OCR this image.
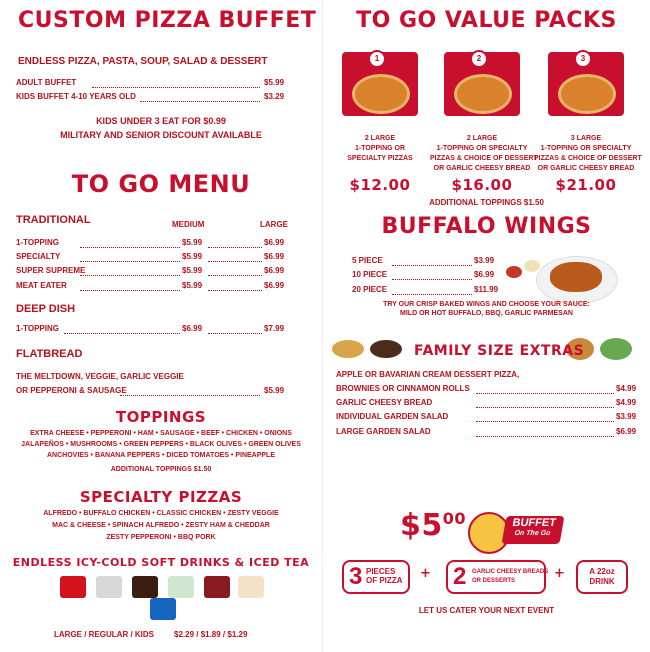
CUSTOM PIZZA BUFFET
ENDLESS PIZZA, PASTA, SOUP, SALAD & DESSERT
ADULT BUFFET	$5.99
KIDS BUFFET 4-10 YEARS OLD	$3.29
KIDS UNDER 3 EAT FOR $0.99
MILITARY AND SENIOR DISCOUNT AVAILABLE
TO GO MENU
TRADITIONAL	MEDIUM	LARGE
1-TOPPING	$5.99	$6.99
SPECIALTY	$5.99	$6.99
SUPER SUPREME	$5.99	$6.99
MEAT EATER	$5.99	$6.99
DEEP DISH
1-TOPPING	$6.99	$7.99
FLATBREAD
THE MELTDOWN, VEGGIE, GARLIC VEGGIE
OR PEPPERONI & SAUSAGE	$5.99
TOPPINGS
EXTRA CHEESE • PEPPERONI • HAM • SAUSAGE • BEEF • CHICKEN • ONIONS
JALAPEÑOS • MUSHROOMS • GREEN PEPPERS • BLACK OLIVES • GREEN OLIVES
ANCHOVIES • BANANA PEPPERS • DICED TOMATOES • PINEAPPLE
ADDITIONAL TOPPINGS $1.50
SPECIALTY PIZZAS
ALFREDO • BUFFALO CHICKEN • CLASSIC CHICKEN • ZESTY VEGGIE
MAC & CHEESE • SPINACH ALFREDO • ZESTY HAM & CHEDDAR
ZESTY PEPPERONI • BBQ PORK
ENDLESS ICY-COLD SOFT DRINKS & ICED TEA
LARGE / REGULAR / KIDS $2.29 / $1.89 / $1.29
TO GO VALUE PACKS
1
2 LARGE
1-TOPPING OR
SPECIALTY PIZZAS
$12.00
2
2 LARGE
1-TOPPING OR SPECIALTY
PIZZAS & CHOICE OF DESSERT
OR GARLIC CHEESY BREAD
$16.00
3
3 LARGE
1-TOPPING OR SPECIALTY
PIZZAS & CHOICE OF DESSERT
OR GARLIC CHEESY BREAD
$21.00
ADDITIONAL TOPPINGS $1.50
BUFFALO WINGS
5 PIECE	$3.99
10 PIECE	$6.99
20 PIECE	$11.99
TRY OUR CRISP BAKED WINGS AND CHOOSE YOUR SAUCE:
MILD OR HOT BUFFALO, BBQ, GARLIC PARMESAN
FAMILY SIZE EXTRAS
APPLE OR BAVARIAN CREAM DESSERT PIZZA,
BROWNIES OR CINNAMON ROLLS	$4.99
GARLIC CHEESY BREAD	$4.99
INDIVIDUAL GARDEN SALAD	$3.99
LARGE GARDEN SALAD	$6.99
$\$5^{00}$	BUFFET
On The Go
3 PIECES
OF PIZZA + 2 GARLIC CHEESY BREADS
OR DESSERTS	+	A 22oz
DRINK
LET US CATER YOUR NEXT EVENT
